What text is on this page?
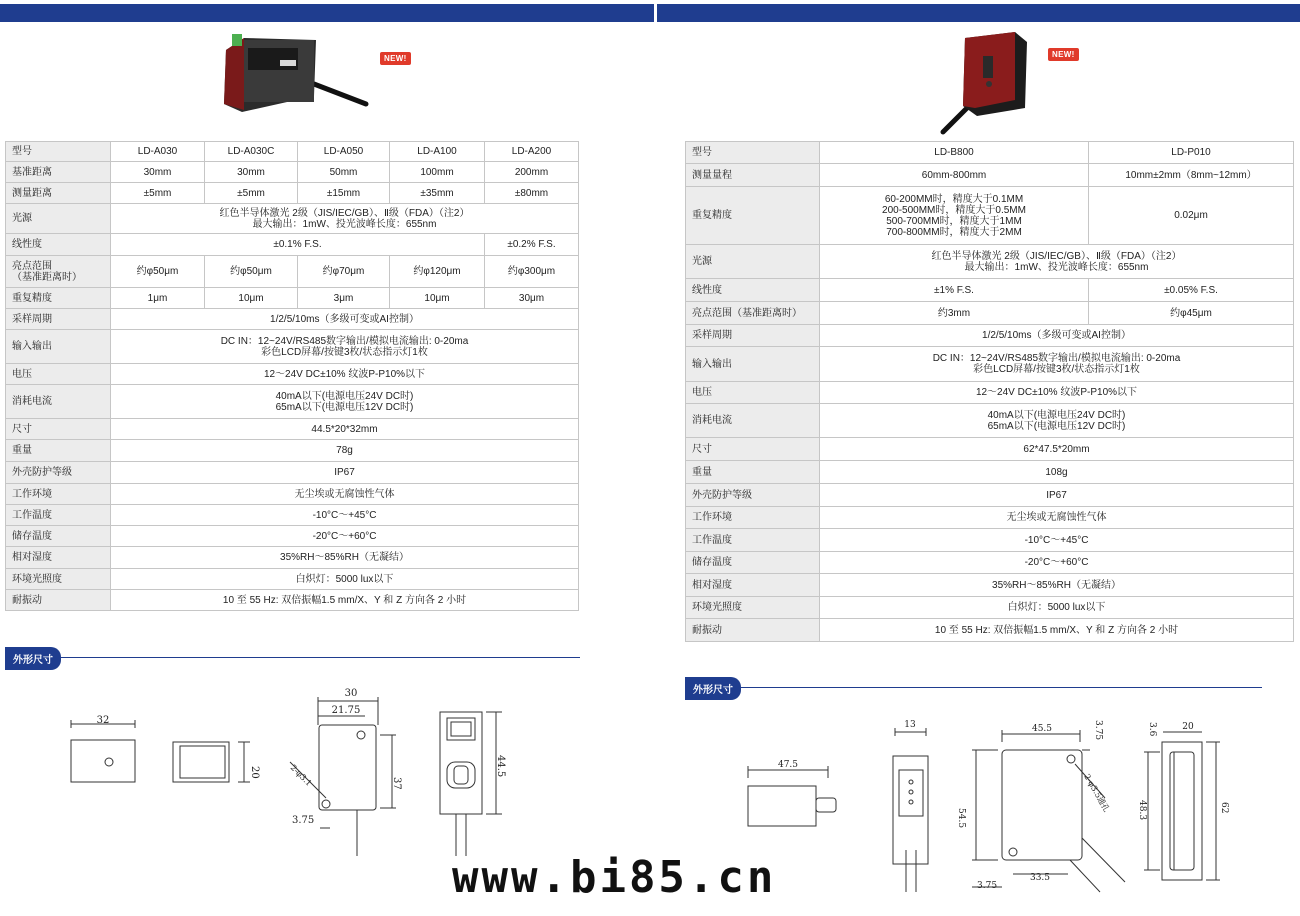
NEW!	NEW!
型号	LD-A030	LD-A030C	LD-A050	LD-A100	LD-A200
基准距离	30mm	30mm	50mm	100mm	200mm
测量距离	±5mm	±5mm	±15mm	±35mm	±80mm
光源	红色半导体激光 2级（JIS/IEC/GB）、Ⅱ级（FDA）（注2）
最大输出：1mW、投光波峰长度：655nm				
线性度	±0.1% F.S.				±0.2% F.S.
亮点范围
（基准距离时）	约φ50μm	约φ50μm	约φ70μm	约φ120μm	约φ300μm
重复精度	1μm	10μm	3μm	10μm	30μm
采样周期	1/2/5/10ms（多级可变或AI控制）				
输入输出	DC IN：12~24V/RS485数字输出/模拟电流输出: 0-20ma
彩色LCD屏幕/按键3枚/状态指示灯1枚				
电压	12～24V DC±10% 纹波P-P10%以下				
消耗电流	40mA以下(电源电压24V DC时)
65mA以下(电源电压12V DC时)				
尺寸	44.5*20*32mm				
重量	78g				
外壳防护等级	IP67				
工作环境	无尘埃或无腐蚀性气体				
工作温度	-10°C～+45°C				
储存温度	-20°C～+60°C				
相对湿度	35%RH～85%RH（无凝结）				
环境光照度	白炽灯：5000 lux以下				
耐振动	10 至 55 Hz: 双倍振幅1.5 mm/X、Y 和 Z 方向各 2 小时				
型号	LD-B800	LD-P010
测量量程	60mm-800mm	10mm±2mm（8mm~12mm）
重复精度	60-200MM时，精度大于0.1MM
200-500MM时，精度大于0.5MM
500-700MM时，精度大于1MM
700-800MM时，精度大于2MM	0.02μm
光源	红色半导体激光 2级（JIS/IEC/GB）、Ⅱ级（FDA）（注2）
最大输出：1mW、投光波峰长度：655nm	
线性度	±1% F.S.	±0.05% F.S.
亮点范围（基准距离时）	约3mm	约φ45μm
采样周期	1/2/5/10ms（多级可变或AI控制）	
输入输出	DC IN：12~24V/RS485数字输出/模拟电流输出: 0-20ma
彩色LCD屏幕/按键3枚/状态指示灯1枚	
电压	12～24V DC±10% 纹波P-P10%以下	
消耗电流	40mA以下(电源电压24V DC时)
65mA以下(电源电压12V DC时)	
尺寸	62*47.5*20mm	
重量	108g	
外壳防护等级	IP67	
工作环境	无尘埃或无腐蚀性气体	
工作温度	-10°C～+45°C	
储存温度	-20°C～+60°C	
相对湿度	35%RH～85%RH（无凝结）	
环境光照度	白炽灯：5000 lux以下	
耐振动	10 至 55 Hz: 双倍振幅1.5 mm/X、Y 和 Z 方向各 2 小时	
外形尺寸
外形尺寸
32
20
30
21.75
2-φ3.1	37
3.75
44.5	47.5
13	45.5	3.75
2-φ3.5通孔
54.5
33.5
3.75
20
3.6
48.3	62
www.bi85.cn
